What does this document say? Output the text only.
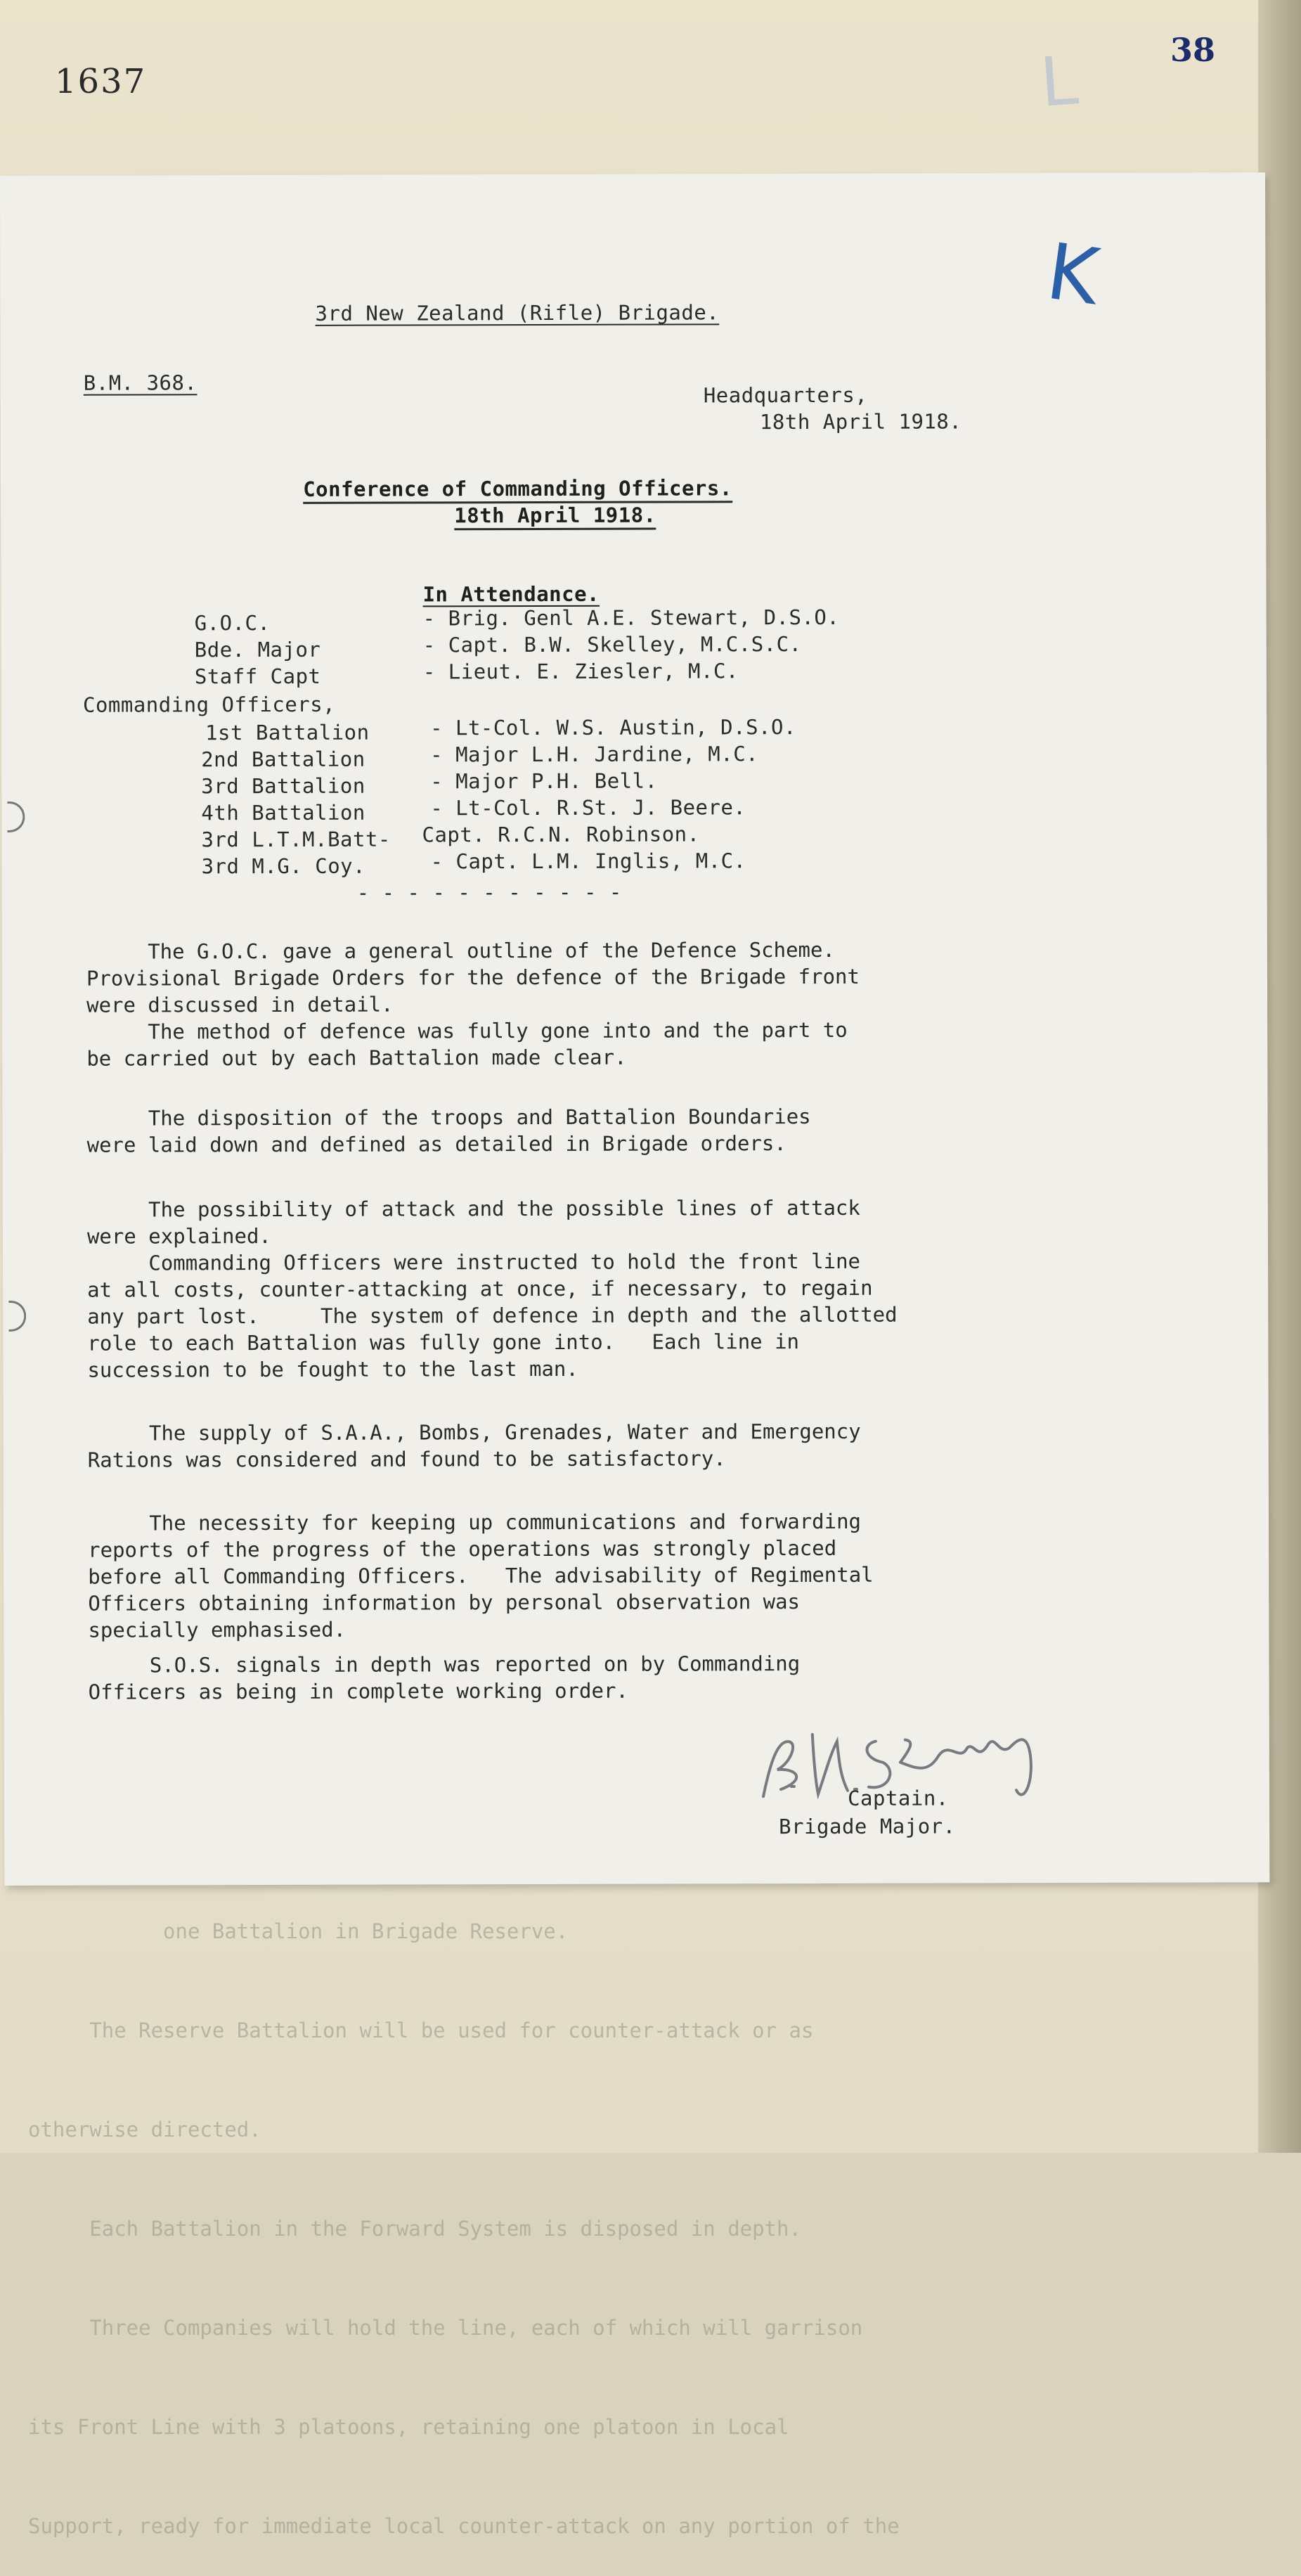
1637
38
L

one Battalion in Brigade Reserve.

The Reserve Battalion will be used for counter-attack or as

otherwise directed.

Each Battalion in the Forward System is disposed in depth.

Three Companies will hold the line, each of which will garrison

its Front Line with 3 platoons, retaining one platoon in Local

Support, ready for immediate local counter-attack on any portion of the

K
3rd New Zealand (Rifle) Brigade.
B.M. 368.
Headquarters,
18th April 1918.
Conference of Commanding Officers.
18th April 1918.
In Attendance.
G.O.C.	- Brig. Genl A.E. Stewart, D.S.O.
Bde. Major	- Capt. B.W. Skelley, M.C.S.C.
Staff Capt	- Lieut. E. Ziesler, M.C.
Commanding Officers,
1st Battalion	- Lt-Col. W.S. Austin, D.S.O.
2nd Battalion	- Major L.H. Jardine, M.C.
3rd Battalion	- Major P.H. Bell.
4th Battalion	- Lt-Col. R.St. J. Beere.
3rd L.T.M.Batt- Capt. R.C.N. Robinson.
3rd M.G. Coy.	- Capt. L.M. Inglis, M.C.
- - - - - - - - - - -
The G.O.C. gave a general outline of the Defence Scheme.
Provisional Brigade Orders for the defence of the Brigade front
were discussed in detail.
The method of defence was fully gone into and the part to
be carried out by each Battalion made clear.
The disposition of the troops and Battalion Boundaries
were laid down and defined as detailed in Brigade orders.
The possibility of attack and the possible lines of attack
were explained.
Commanding Officers were instructed to hold the front line
at all costs, counter-attacking at once, if necessary, to regain
any part lost.     The system of defence in depth and the allotted
role to each Battalion was fully gone into.   Each line in
succession to be fought to the last man.
The supply of S.A.A., Bombs, Grenades, Water and Emergency
Rations was considered and found to be satisfactory.
The necessity for keeping up communications and forwarding
reports of the progress of the operations was strongly placed
before all Commanding Officers.   The advisability of Regimental
Officers obtaining information by personal observation was
specially emphasised.
S.O.S. signals in depth was reported on by Commanding
Officers as being in complete working order.
B.W. Skelley
Captain.
Brigade Major.
